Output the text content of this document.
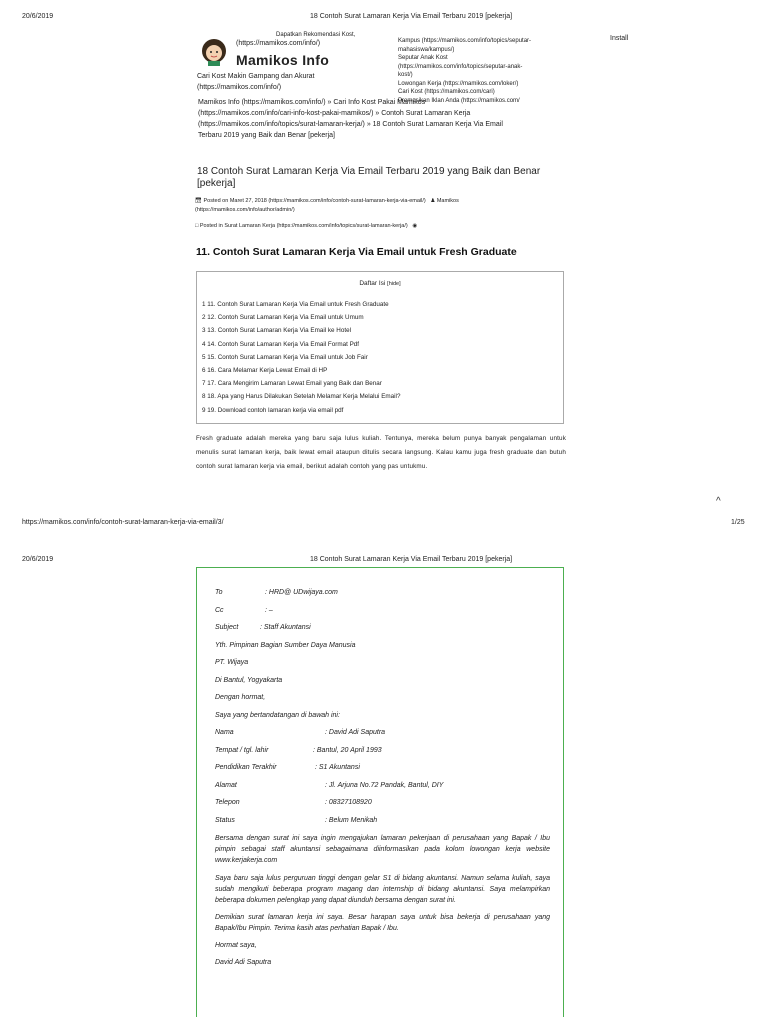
20/6/2019	18 Contoh Surat Lamaran Kerja Via Email Terbaru 2019 [pekerja]
Dapatkan Rekomendasi Kost,
(https://mamikos.com/info/)
Mamikos Info
Cari Kost Makin Gampang dan Akurat
(https://mamikos.com/info/)
Kampus (https://mamikos.com/info/topics/seputar-
mahasiswa/kampus/)
Seputar Anak Kost
(https://mamikos.com/info/topics/seputar-anak-
kost/)
Lowongan Kerja (https://mamikos.com/loker/)
Cari Kost (https://mamikos.com/cari)
Promosikan Iklan Anda (https://mamikos.com/
Install
Mamikos Info (https://mamikos.com/info/) » Cari Info Kost Pakai Mamikos
(https://mamikos.com/info/cari-info-kost-pakai-mamikos/) » Contoh Surat Lamaran Kerja
(https://mamikos.com/info/topics/surat-lamaran-kerja/) » 18 Contoh Surat Lamaran Kerja Via Email
Terbaru 2019 yang Baik dan Benar [pekerja]
18 Contoh Surat Lamaran Kerja Via Email Terbaru 2019 yang Baik dan Benar [pekerja]
📅︎ Posted on Maret 27, 2018 (https://mamikos.com/info/contoh-surat-lamaran-kerja-via-email/) ♟ Mamikos
(https://mamikos.com/info/author/admin/)
□ Posted in Surat Lamaran Kerja (https://mamikos.com/info/topics/surat-lamaran-kerja/) ◉
11. Contoh Surat Lamaran Kerja Via Email untuk Fresh Graduate
Daftar Isi [hide]
1 11. Contoh Surat Lamaran Kerja Via Email untuk Fresh Graduate
2 12. Contoh Surat Lamaran Kerja Via Email untuk Umum
3 13. Contoh Surat Lamaran Kerja Via Email ke Hotel
4 14. Contoh Surat Lamaran Kerja Via Email Format Pdf
5 15. Contoh Surat Lamaran Kerja Via Email untuk Job Fair
6 16. Cara Melamar Kerja Lewat Email di HP
7 17. Cara Mengirim Lamaran Lewat Email yang Baik dan Benar
8 18. Apa yang Harus Dilakukan Setelah Melamar Kerja Melalui Email?
9 19. Download contoh lamaran kerja via email pdf

Fresh graduate adalah mereka yang baru saja lulus kuliah. Tentunya, mereka belum punya banyak pengalaman untuk menulis surat lamaran kerja, baik lewat email ataupun ditulis secara langsung. Kalau kamu juga fresh graduate dan butuh contoh surat lamaran kerja via email, berikut adalah contoh yang pas untukmu.

^
https://mamikos.com/info/contoh-surat-lamaran-kerja-via-email/3/	1/25
20/6/2019	18 Contoh Surat Lamaran Kerja Via Email Terbaru 2019 [pekerja]
To	: HRD@ UDwijaya.com
Cc	: –
Subject	: Staff Akuntansi
Yth. Pimpinan Bagian Sumber Daya Manusia
PT. Wijaya
Di Bantul, Yogyakarta
Dengan hormat,
Saya yang bertandatangan di bawah ini:
Nama	: David Adi Saputra
Tempat / tgl. lahir	: Bantul, 20 April 1993
Pendidikan Terakhir	: S1 Akuntansi
Alamat	: Jl. Arjuna No.72 Pandak, Bantul, DIY
Telepon	: 08327108920
Status	: Belum Menikah

Bersama dengan surat ini saya ingin mengajukan lamaran pekerjaan di perusahaan yang Bapak / Ibu pimpin sebagai staff akuntansi sebagaimana diinformasikan pada kolom lowongan kerja website www.kerjakerja.com

Saya baru saja lulus perguruan tinggi dengan gelar S1 di bidang akuntansi. Namun selama kuliah, saya sudah mengikuti beberapa program magang dan internship di bidang akuntansi. Saya melampirkan beberapa dokumen pelengkap yang dapat diunduh bersama dengan surat ini.

Demikian surat lamaran kerja ini saya. Besar harapan saya untuk bisa bekerja di perusahaan yang Bapak/Ibu Pimpin. Terima kasih atas perhatian Bapak / Ibu.

Hormat saya,
David Adi Saputra
